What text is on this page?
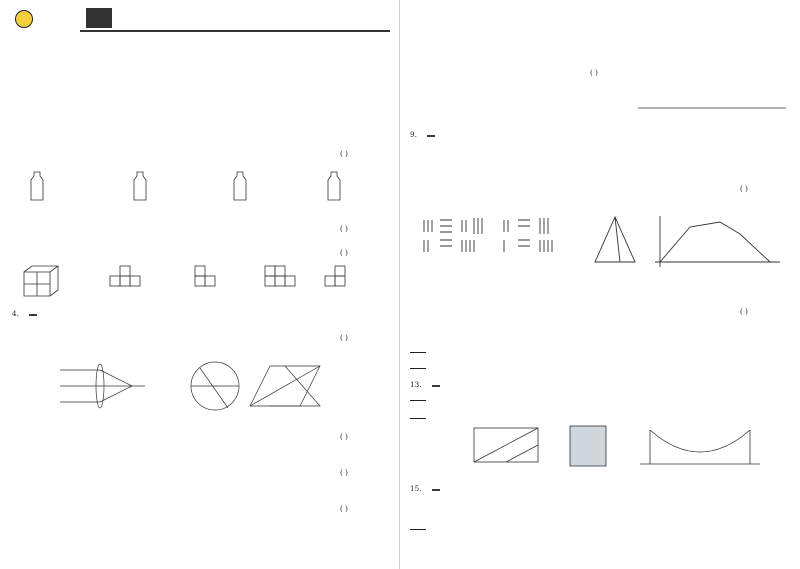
( )
( )
( )
4.
( )
( )
( )
( )
( )
9.
( )
( )
13.
15.
